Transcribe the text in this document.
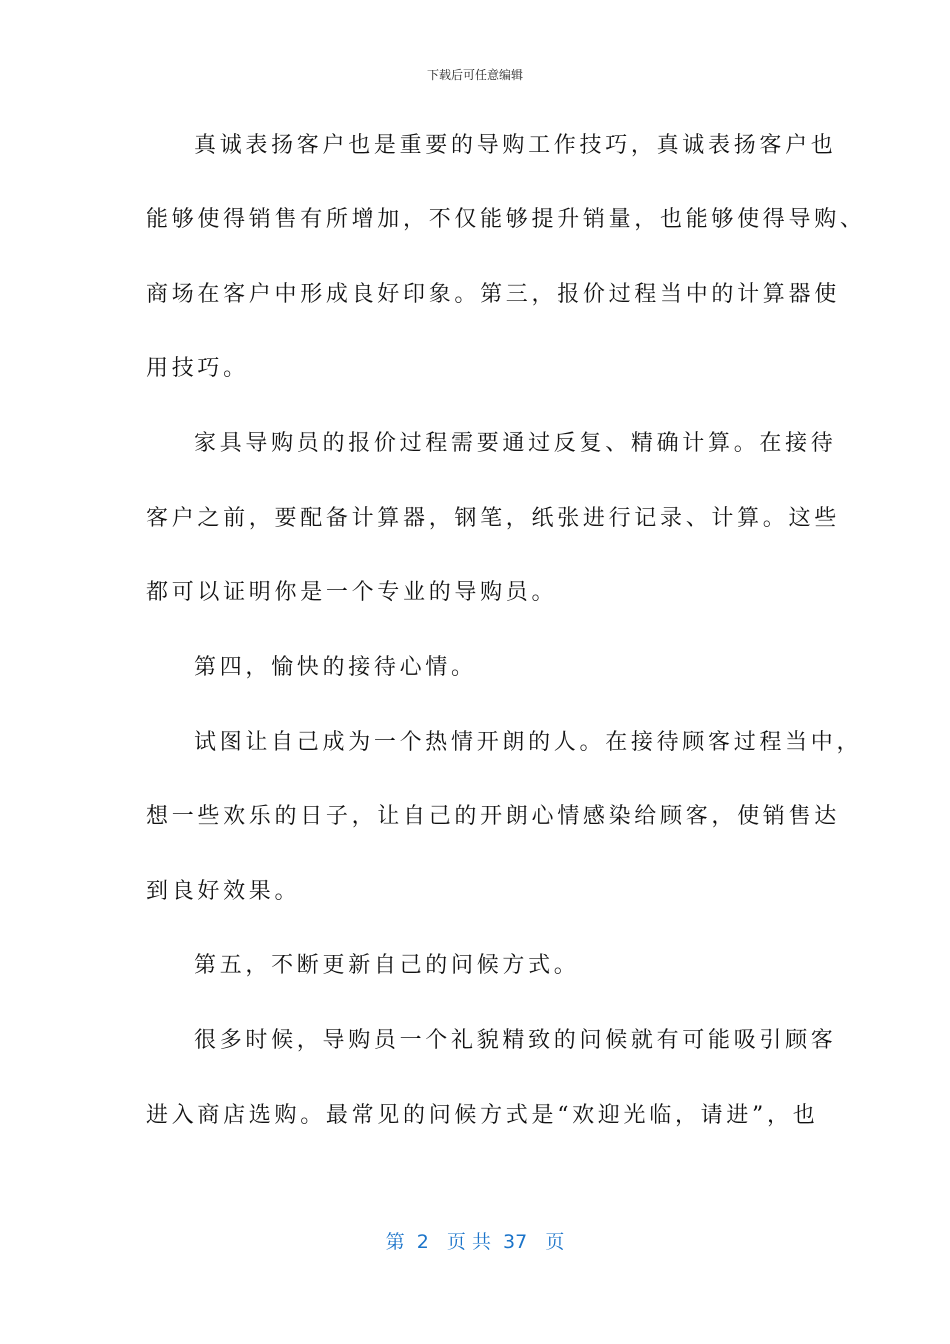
下载后可任意编辑
真诚表扬客户也是重要的导购工作技巧，真诚表扬客户也
能够使得销售有所增加，不仅能够提升销量，也能够使得导购、
商场在客户中形成良好印象。第三，报价过程当中的计算器使
用技巧。
家具导购员的报价过程需要通过反复、精确计算。在接待
客户之前，要配备计算器，钢笔，纸张进行记录、计算。这些
都可以证明你是一个专业的导购员。
第四，愉快的接待心情。
试图让自己成为一个热情开朗的人。在接待顾客过程当中，
想一些欢乐的日子，让自己的开朗心情感染给顾客，使销售达
到良好效果。
第五，不断更新自己的问候方式。
很多时候，导购员一个礼貌精致的问候就有可能吸引顾客
进入商店选购。最常见的问候方式是“欢迎光临，请进”，也
第  2   页 共  37   页
